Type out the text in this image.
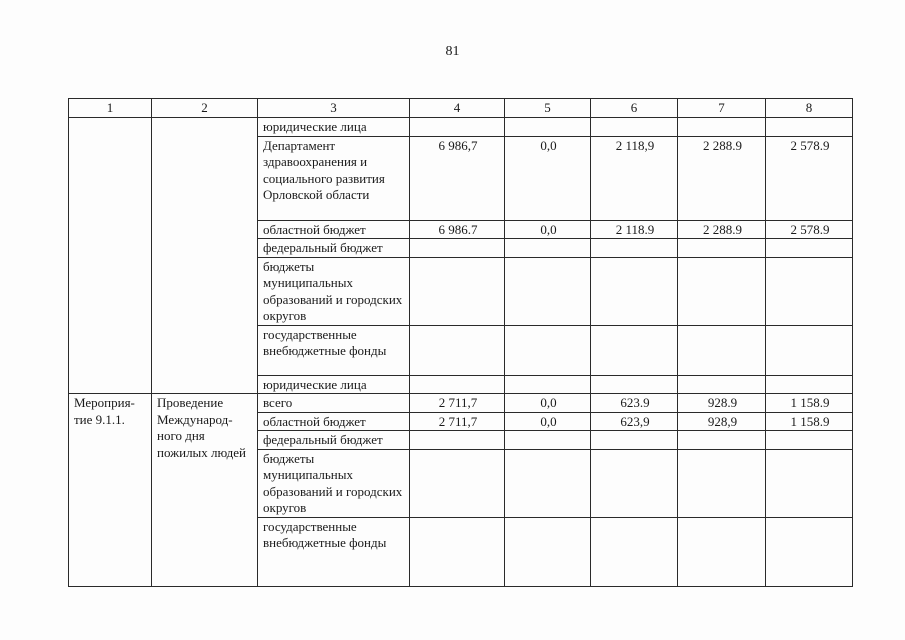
81
1	2	3	4	5	6	7	8
		юридические лица					
		Департамент здравоохранения и социального развития Орловской области	6 986,7	0,0	2 118,9	2 288.9	2 578.9
		областной бюджет	6 986.7	0,0	2 118.9	2 288.9	2 578.9
		федеральный бюджет					
		бюджеты муниципальных образований и городских округов					
		государственные внебюджетные фонды					
		юридические лица					
Мероприя-тие 9.1.1.	Проведение Международ-ного дня пожилых людей	всего	2 711,7	0,0	623.9	928.9	1 158.9
		областной бюджет	2 711,7	0,0	623,9	928,9	1 158.9
		федеральный бюджет					
		бюджеты муниципальных образований и городских округов					
		государственные внебюджетные фонды					
